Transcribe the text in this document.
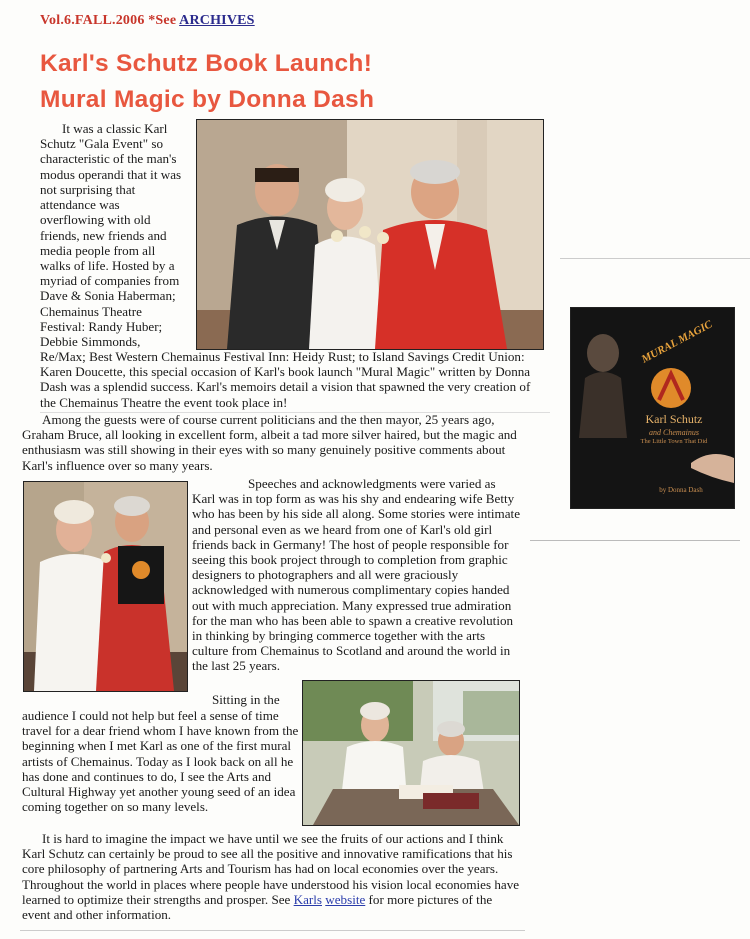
Vol.6.FALL.2006 *See ARCHIVES
Karl's Schutz Book Launch!
Mural Magic by Donna Dash
MURAL MAGIC
Karl Schutz
and Chemainus
The Little Town That Did
by Donna Dash
It was a classic Karl
Schutz "Gala Event" so
characteristic of the man's
modus operandi that it was
not surprising that
attendance was
overflowing with old
friends, new friends and
media people from all
walks of life. Hosted by a
myriad of companies from
Dave & Sonia Haberman;
Chemainus Theatre
Festival: Randy Huber;
Debbie Simmonds,
Re/Max; Best Western Chemainus Festival Inn: Heidy Rust; to Island Savings Credit Union: Karen Doucette, this special occasion of Karl's book launch "Mural Magic" written by Donna Dash was a splendid success. Karl's memoirs detail a vision that spawned the very creation of the Chemainus Theatre the event took place in!

Among the guests were of course current politicians and the then mayor, 25 years ago, Graham Bruce, all looking in excellent form, albeit a tad more silver haired, but the magic and enthusiasm was still showing in their eyes with so many genuinely positive comments about Karl's influence over so many years.

Speeches and acknowledgments were varied as Karl was in top form as was his shy and endearing wife Betty who has been by his side all along. Some stories were intimate and personal even as we heard from one of Karl's old girl friends back in Germany! The host of people responsible for seeing this book project through to completion from graphic designers to photographers and all were graciously acknowledged with numerous complimentary copies handed out with much appreciation. Many expressed true admiration for the man who has been able to spawn a creative revolution in thinking by bringing commerce together with the arts culture from Chemainus to Scotland and around the world in the last 25 years.

Sitting in the
audience I could not help but feel a sense of time travel for a dear friend whom I have known from the beginning when I met Karl as one of the first mural artists of Chemainus. Today as I look back on all he has done and continues to do, I see the Arts and Cultural Highway yet another young seed of an idea coming together on so many levels.

It is hard to imagine the impact we have until we see the fruits of our actions and I think Karl Schutz can certainly be proud to see all the positive and innovative ramifications that his core philosophy of partnering Arts and Tourism has had on local economies over the years. Throughout the world in places where people have understood his vision local economies have learned to optimize their strengths and prosper. See Karls website for more pictures of the event and other information.
